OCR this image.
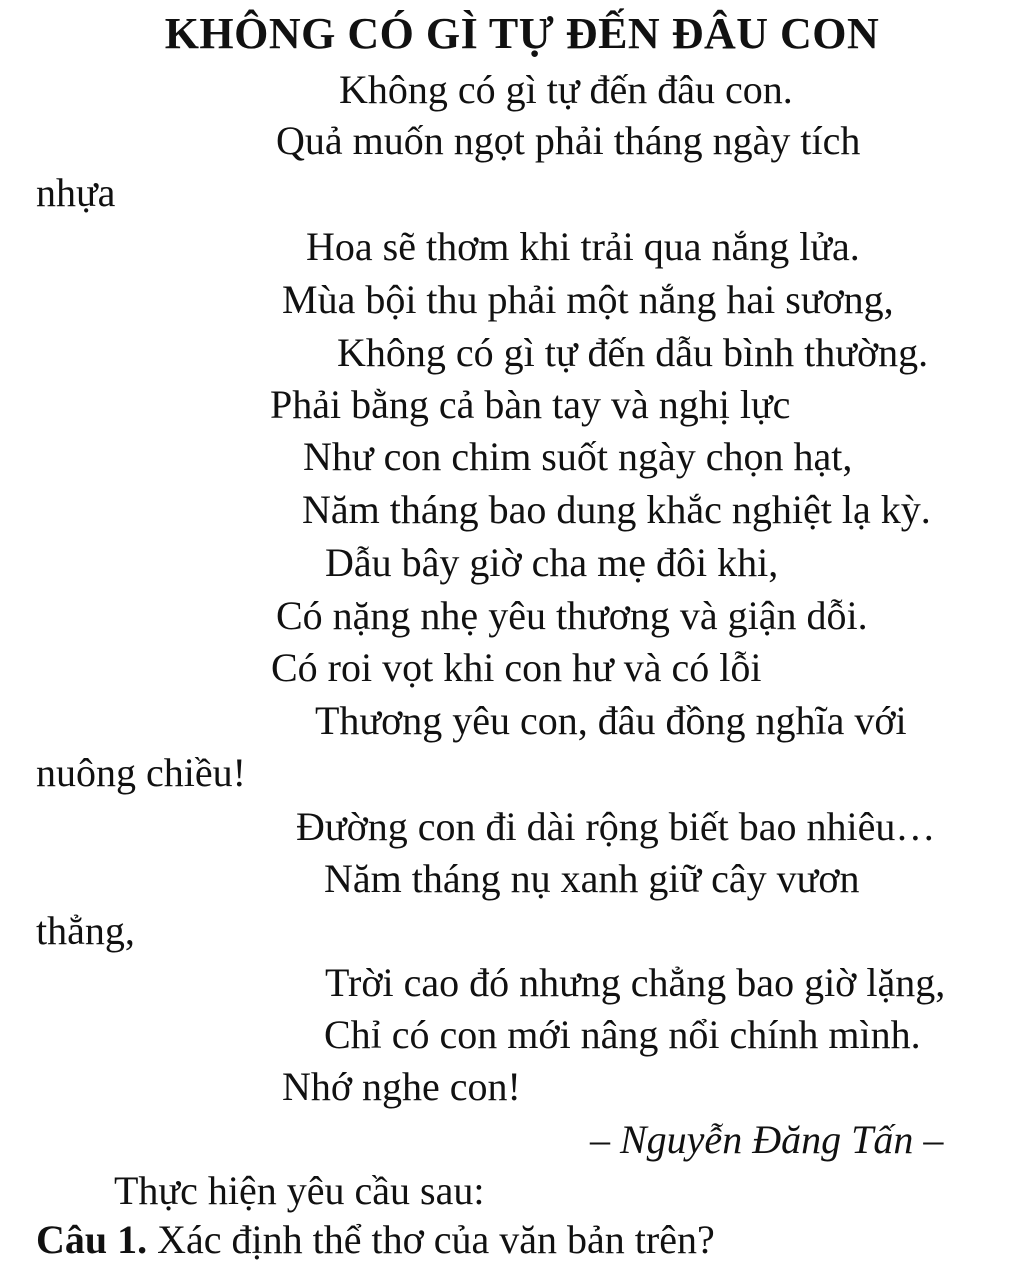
KHÔNG CÓ GÌ TỰ ĐẾN ĐÂU CON
Không có gì tự đến đâu con.
Quả muốn ngọt phải tháng ngày tích
nhựa
Hoa sẽ thơm khi trải qua nắng lửa.
Mùa bội thu phải một nắng hai sương,
Không có gì tự đến dẫu bình thường.
Phải bằng cả bàn tay và nghị lực
Như con chim suốt ngày chọn hạt,
Năm tháng bao dung khắc nghiệt lạ kỳ.
Dẫu bây giờ cha mẹ đôi khi,
Có nặng nhẹ yêu thương và giận dỗi.
Có roi vọt khi con hư và có lỗi
Thương yêu con, đâu đồng nghĩa với
nuông chiều!
Đường con đi dài rộng biết bao nhiêu…
Năm tháng nụ xanh giữ cây vươn
thẳng,
Trời cao đó nhưng chẳng bao giờ lặng,
Chỉ có con mới nâng nổi chính mình.
Nhớ nghe con!
– Nguyễn Đăng Tấn –
Thực hiện yêu cầu sau:
Câu 1. Xác định thể thơ của văn bản trên?
